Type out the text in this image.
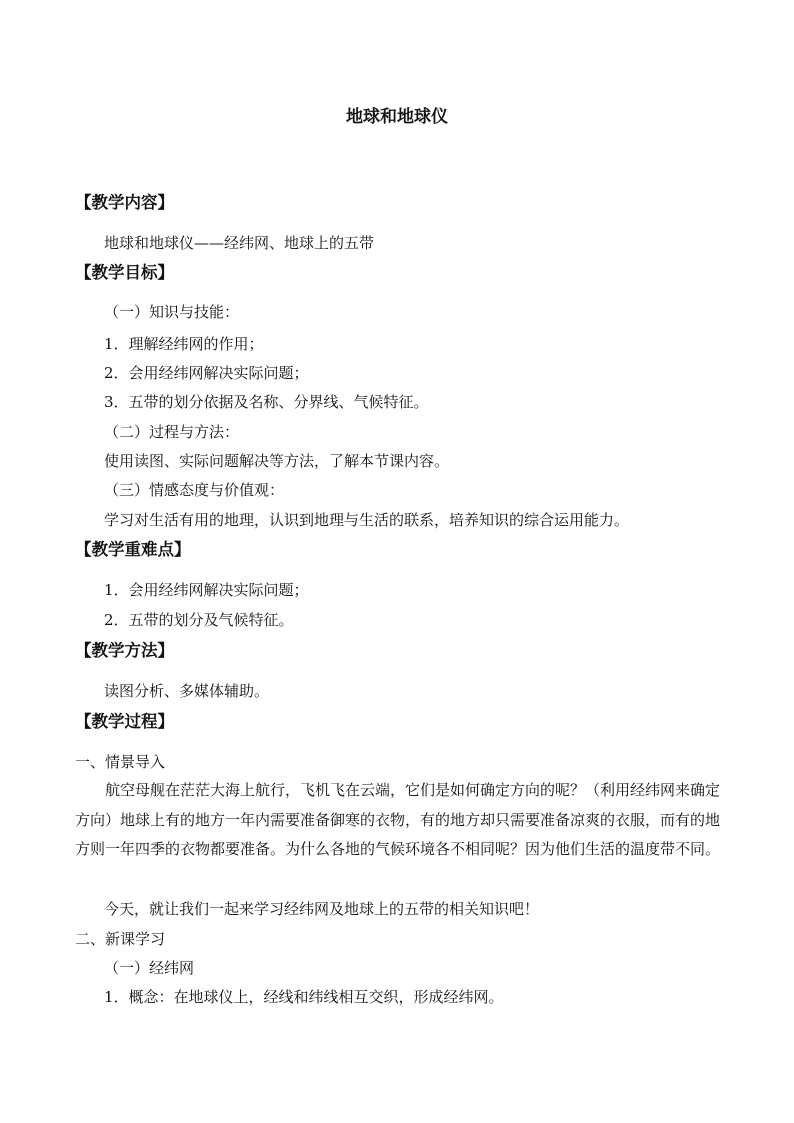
地球和地球仪
【教学内容】
地球和地球仪——经纬网、地球上的五带
【教学目标】
（一）知识与技能：
1．理解经纬网的作用；
2．会用经纬网解决实际问题；
3．五带的划分依据及名称、分界线、气候特征。
（二）过程与方法：
使用读图、实际问题解决等方法，了解本节课内容。
（三）情感态度与价值观：
学习对生活有用的地理，认识到地理与生活的联系，培养知识的综合运用能力。
【教学重难点】
1．会用经纬网解决实际问题；
2．五带的划分及气候特征。
【教学方法】
读图分析、多媒体辅助。
【教学过程】
一、情景导入
航空母舰在茫茫大海上航行，飞机飞在云端，它们是如何确定方向的呢？（利用经纬网来确定方向）地球上有的地方一年内需要准备御寒的衣物，有的地方却只需要准备凉爽的衣服，而有的地方则一年四季的衣物都要准备。为什么各地的气候环境各不相同呢？因为他们生活的温度带不同。
今天，就让我们一起来学习经纬网及地球上的五带的相关知识吧！
二、新课学习
（一）经纬网
1．概念：在地球仪上，经线和纬线相互交织，形成经纬网。
